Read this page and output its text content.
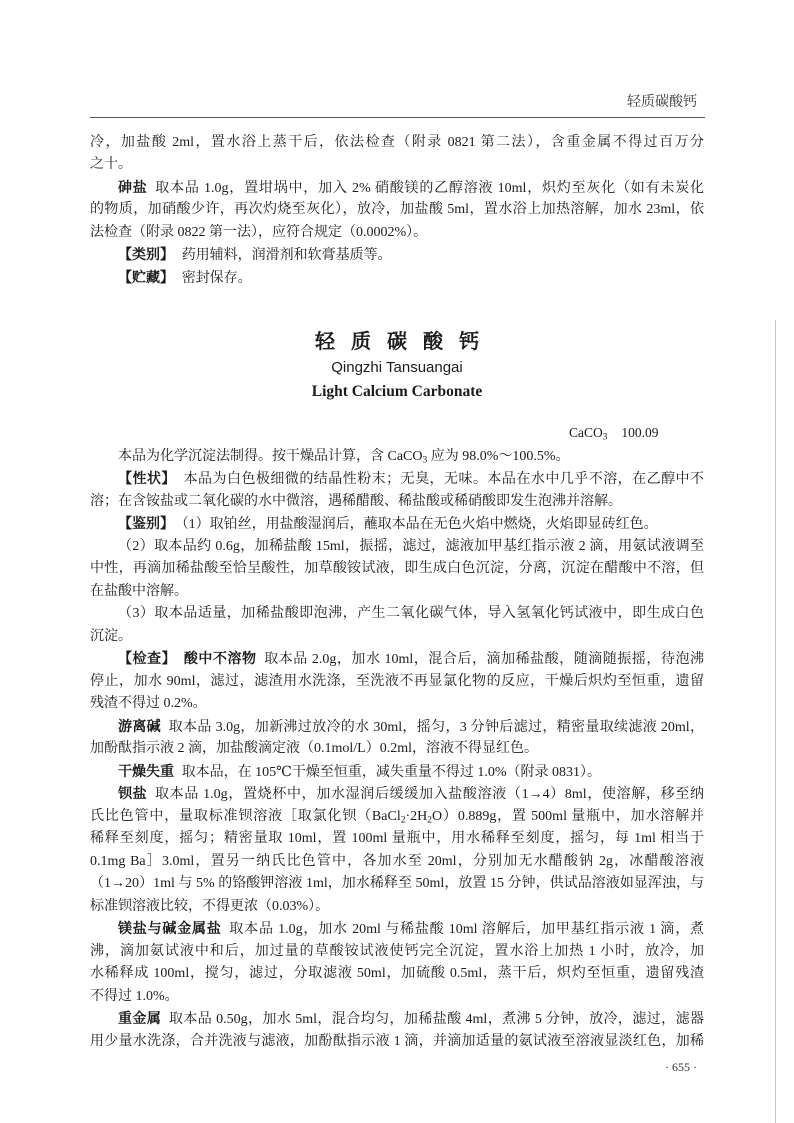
轻质碳酸钙
冷，加盐酸 2ml，置水浴上蒸干后，依法检查（附录 0821 第二法），含重金属不得过百万分
之十。
砷盐 取本品 1.0g，置坩埚中，加入 2% 硝酸镁的乙醇溶液 10ml，炽灼至灰化（如有未炭化
的物质，加硝酸少许，再次灼烧至灰化），放冷，加盐酸 5ml，置水浴上加热溶解，加水 23ml，依
法检查（附录 0822 第一法），应符合规定（0.0002%）。
【类别】 药用辅料，润滑剂和软膏基质等。
【贮藏】 密封保存。
轻质碳酸钙
Qingzhi Tansuangai
Light Calcium Carbonate
CaCO$_3$ 100.09
本品为化学沉淀法制得。按干燥品计算，含 CaCO$_3$ 应为 98.0%～100.5%。
【性状】 本品为白色极细微的结晶性粉末；无臭，无味。本品在水中几乎不溶，在乙醇中不
溶；在含铵盐或二氧化碳的水中微溶，遇稀醋酸、稀盐酸或稀硝酸即发生泡沸并溶解。
【鉴别】 （1）取铂丝，用盐酸湿润后，蘸取本品在无色火焰中燃烧，火焰即显砖红色。
（2）取本品约 0.6g，加稀盐酸 15ml，振摇，滤过，滤液加甲基红指示液 2 滴，用氨试液调至
中性，再滴加稀盐酸至恰呈酸性，加草酸铵试液，即生成白色沉淀，分离，沉淀在醋酸中不溶，但
在盐酸中溶解。
（3）取本品适量，加稀盐酸即泡沸，产生二氧化碳气体，导入氢氧化钙试液中，即生成白色
沉淀。
【检查】 酸中不溶物 取本品 2.0g，加水 10ml，混合后，滴加稀盐酸，随滴随振摇，待泡沸
停止，加水 90ml，滤过，滤渣用水洗涤，至洗液不再显氯化物的反应，干燥后炽灼至恒重，遗留
残渣不得过 0.2%。
游离碱 取本品 3.0g，加新沸过放冷的水 30ml，摇匀，3 分钟后滤过，精密量取续滤液 20ml，
加酚酞指示液 2 滴，加盐酸滴定液（0.1mol/L）0.2ml，溶液不得显红色。
干燥失重 取本品，在 105℃干燥至恒重，减失重量不得过 1.0%（附录 0831）。
钡盐 取本品 1.0g，置烧杯中，加水湿润后缓缓加入盐酸溶液（1→4）8ml，使溶解，移至纳
氏比色管中，量取标准钡溶液［取氯化钡$(BaCl_2\cdot 2H_2O)0.889g$，置 500ml 量瓶中，加水溶解并
稀释至刻度，摇匀；精密量取 10ml，置 100ml 量瓶中，用水稀释至刻度，摇匀，每 1ml 相当于
0.1mg Ba］3.0ml，置另一纳氏比色管中，各加水至 20ml，分别加无水醋酸钠 2g，冰醋酸溶液
（1→20）1ml 与 5% 的铬酸钾溶液 1ml，加水稀释至 50ml，放置 15 分钟，供试品溶液如显浑浊，与
标准钡溶液比较，不得更浓（0.03%）。
镁盐与碱金属盐 取本品 1.0g，加水 20ml 与稀盐酸 10ml 溶解后，加甲基红指示液 1 滴，煮
沸，滴加氨试液中和后，加过量的草酸铵试液使钙完全沉淀，置水浴上加热 1 小时，放冷，加
水稀释成 100ml，搅匀，滤过，分取滤液 50ml，加硫酸 0.5ml，蒸干后，炽灼至恒重，遗留残渣
不得过 1.0%。
重金属 取本品 0.50g，加水 5ml，混合均匀，加稀盐酸 4ml，煮沸 5 分钟，放冷，滤过，滤器
用少量水洗涤，合并洗液与滤液，加酚酞指示液 1 滴，并滴加适量的氨试液至溶液显淡红色，加稀
· 655 ·
